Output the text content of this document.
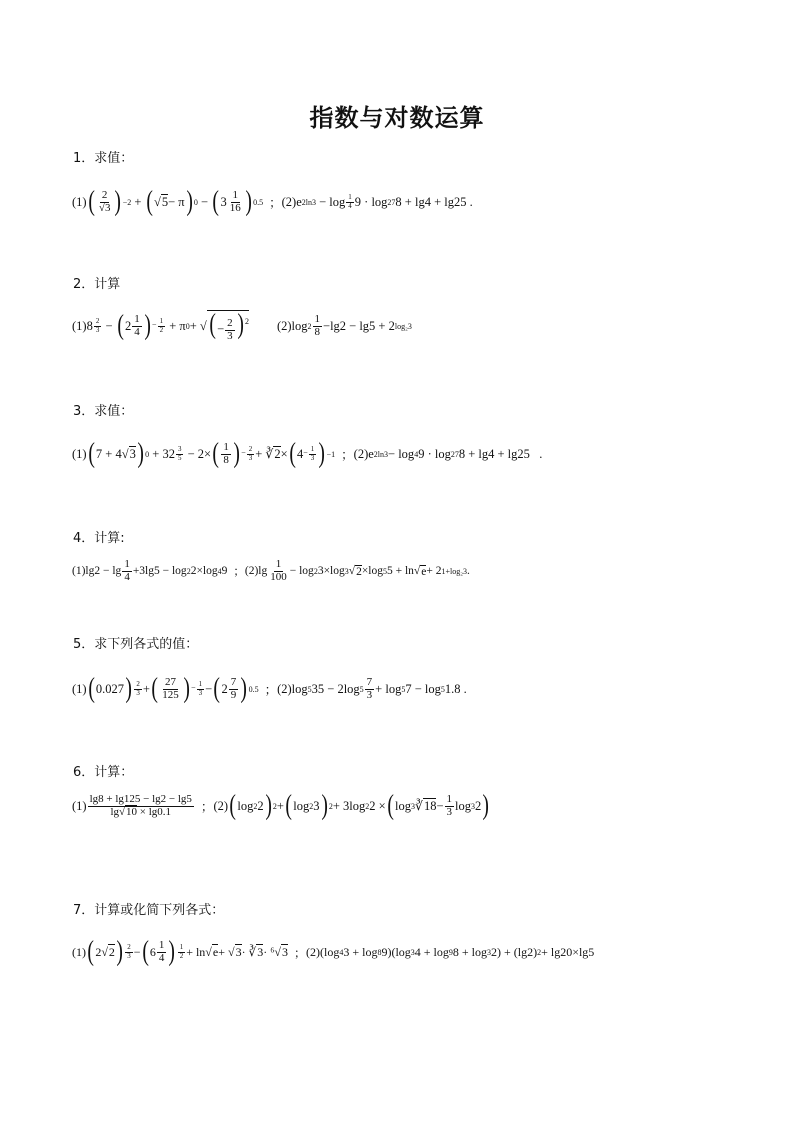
指数与对数运算
1．求值：
(1) ( $\frac{2}{√3}$ ) −2 + ( √ 5 − π ) 0 − ( $3 \frac{1}{16}$ ) 0.5 ； (2) e $2\ln 3 - \log \frac{1}{4} 9 \cdot \log 27$ 8 + lg4 + lg25 .
2．计算
(1) $8 \frac{2}{3}$ − ( $2 \frac{1}{4}$ ) − $\frac{1}{2} + \pi$ 0 + √ (− $\frac{2}{3} )^2$ (2) $\log 2 \frac{1}{8} -\lg 2 - \lg 5 + 2$ log₂3
3．求值：
(1) ( 7 + 4√ 3 ) $0 + 32 \frac{3}{5} - 2\times$ ( $\frac{1}{8}$ ) − $\frac{2}{3}$ + ∛ 2 × ( $4 - \frac{1}{3}$ ) −1 ； (2) e 2ln3 − log 4 9 · log 27 8 + lg4 + lg25   .
4．计算:
(1) $\lg 2 - \lg \frac{1}{4} +3\lg 5 - \log 2$ 2×log 4 9 ； (2) $\lg \frac{1}{100} - \log 2$ 3×log 3 √ 2 ×log 5 5 + ln√ e + 2 1+log₂3 .
5．求下列各式的值：
(1) ( 0.027 ) $\frac{2}{3}$ + ( $\frac{27}{125}$ ) − $\frac{1}{3}$ − ( $2 \frac{7}{9}$ ) 0.5 ； (2) log 5 35 − 2log $5 \frac{7}{3} + \log 5$ 7 − log 5 1.8 .
6．计算：
$(1) \frac{\lg 8 + \lg 125 - \lg 2 - \lg 5}{\lg√10 \times \lg 0.1}$ ； (2) ( log 2 2 ) 2 + ( log 2 3 ) 2 + 3log 2 2 × ( log 3 ∛ $18 - \frac{1}{3}$ log 3 2 )
7．计算或化简下列各式：
(1) ( 2√ 2 ) $\frac{2}{3}$ − ( $6 \frac{1}{4}$ ) $\frac{1}{2} + \ln√$ e + √ 3 · ∛ 3 · ⁶√ 3 ； (2) (log 4 3 + log 8 9)(log 3 4 + log 9 8 + log 3 2) + (lg2) 2 + lg20×lg5
